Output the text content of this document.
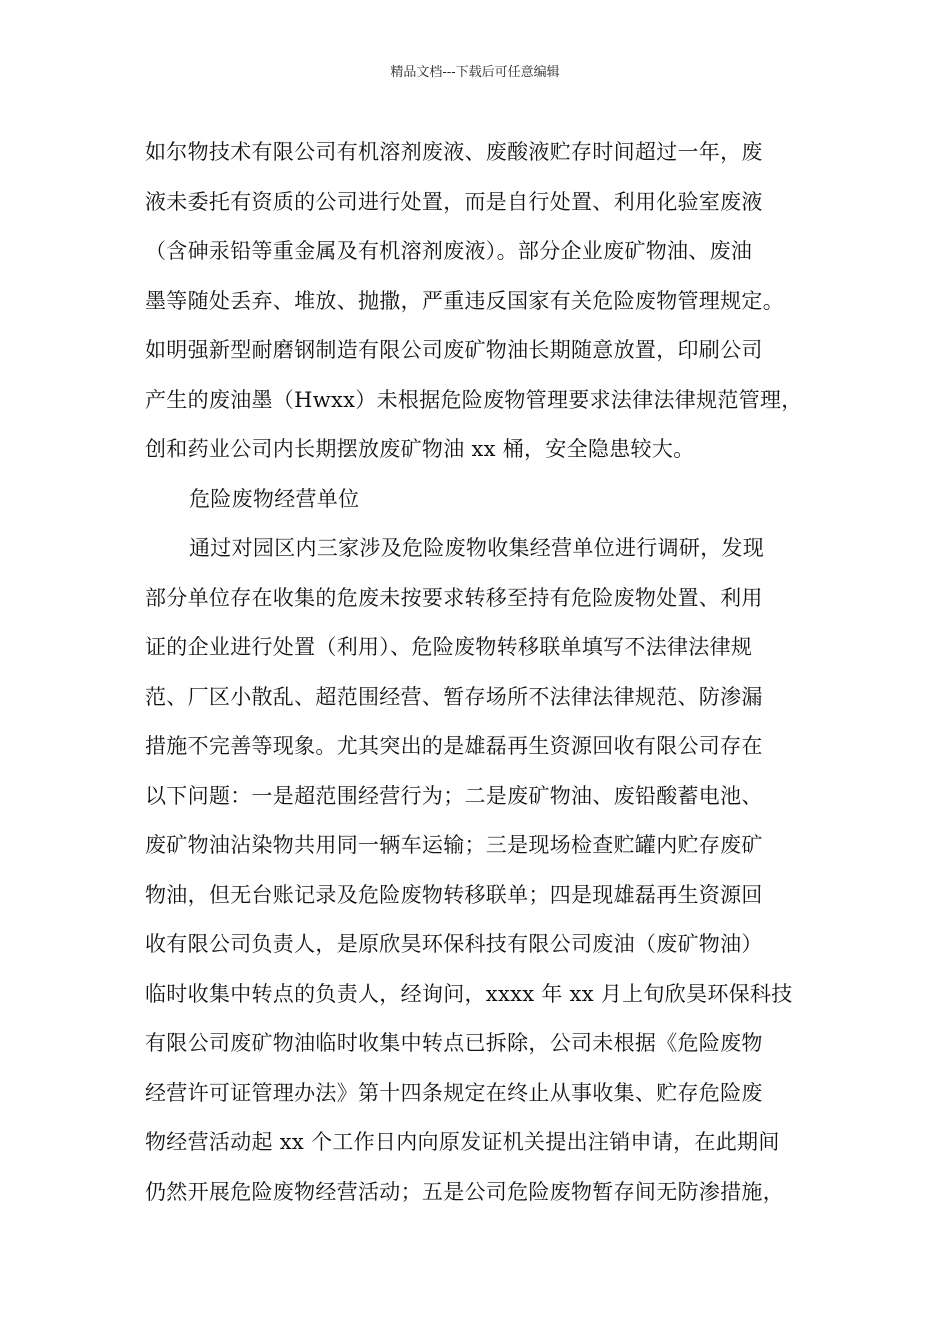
精品文档---下载后可任意编辑
如尔物技术有限公司有机溶剂废液、废酸液贮存时间超过一年，废
液未委托有资质的公司进行处置，而是自行处置、利用化验室废液
（含砷汞铅等重金属及有机溶剂废液）。部分企业废矿物油、废油
墨等随处丢弃、堆放、抛撒，严重违反国家有关危险废物管理规定。
如明强新型耐磨钢制造有限公司废矿物油长期随意放置，印刷公司
产生的废油墨（Hwxx）未根据危险废物管理要求法律法律规范管理，
创和药业公司内长期摆放废矿物油 xx 桶，安全隐患较大。
危险废物经营单位
通过对园区内三家涉及危险废物收集经营单位进行调研，发现
部分单位存在收集的危废未按要求转移至持有危险废物处置、利用
证的企业进行处置（利用）、危险废物转移联单填写不法律法律规
范、厂区小散乱、超范围经营、暂存场所不法律法律规范、防渗漏
措施不完善等现象。尤其突出的是雄磊再生资源回收有限公司存在
以下问题：一是超范围经营行为；二是废矿物油、废铅酸蓄电池、
废矿物油沾染物共用同一辆车运输；三是现场检查贮罐内贮存废矿
物油，但无台账记录及危险废物转移联单；四是现雄磊再生资源回
收有限公司负责人，是原欣昊环保科技有限公司废油（废矿物油）
临时收集中转点的负责人，经询问，xxxx 年 xx 月上旬欣昊环保科技
有限公司废矿物油临时收集中转点已拆除，公司未根据《危险废物
经营许可证管理办法》第十四条规定在终止从事收集、贮存危险废
物经营活动起 xx 个工作日内向原发证机关提出注销申请，在此期间
仍然开展危险废物经营活动；五是公司危险废物暂存间无防渗措施，
